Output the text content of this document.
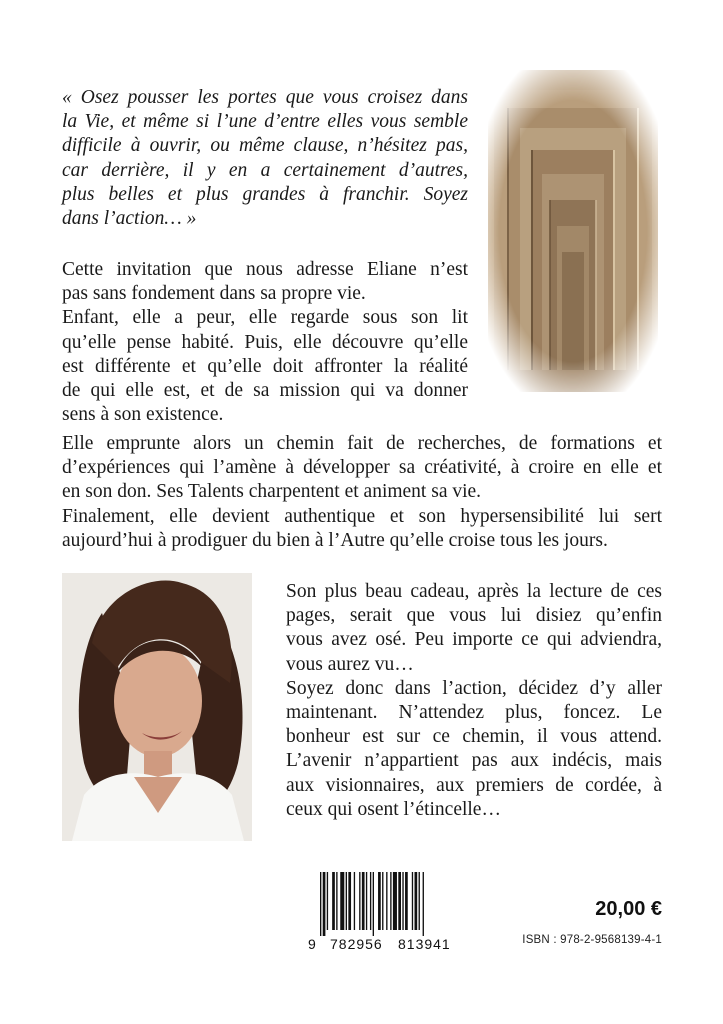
« Osez pousser les portes que vous croisez dans
la Vie, et même si l’une d’entre elles vous semble
difficile à ouvrir, ou même clause, n’hésitez pas,
car derrière, il y en a certainement d’autres,
plus belles et plus grandes à franchir. Soyez
dans l’action… »
Cette invitation que nous adresse Eliane n’est
pas sans fondement dans sa propre vie.
Enfant, elle a peur, elle regarde sous son lit
qu’elle pense habité. Puis, elle découvre qu’elle
est différente et qu’elle doit affronter la réalité
de qui elle est, et de sa mission qui va donner
sens à son existence.
Elle emprunte alors un chemin fait de recherches, de formations et
d’expériences qui l’amène à développer sa créativité, à croire en elle et
en son don. Ses Talents charpentent et animent sa vie.
Finalement, elle devient authentique et son hypersensibilité lui sert
aujourd’hui à prodiguer du bien à l’Autre qu’elle croise tous les jours.
Son plus beau cadeau, après la lecture de ces
pages, serait que vous lui disiez qu’enfin
vous avez osé. Peu importe ce qui adviendra,
vous aurez vu…
Soyez donc dans l’action, décidez d’y aller
maintenant. N’attendez plus, foncez. Le
bonheur est sur ce chemin, il vous attend.
L’avenir n’appartient pas aux indécis, mais
aux visionnaires, aux premiers de cordée, à
ceux qui osent l’étincelle…
9 782956 813941
20,00 €
ISBN : 978-2-9568139-4-1
